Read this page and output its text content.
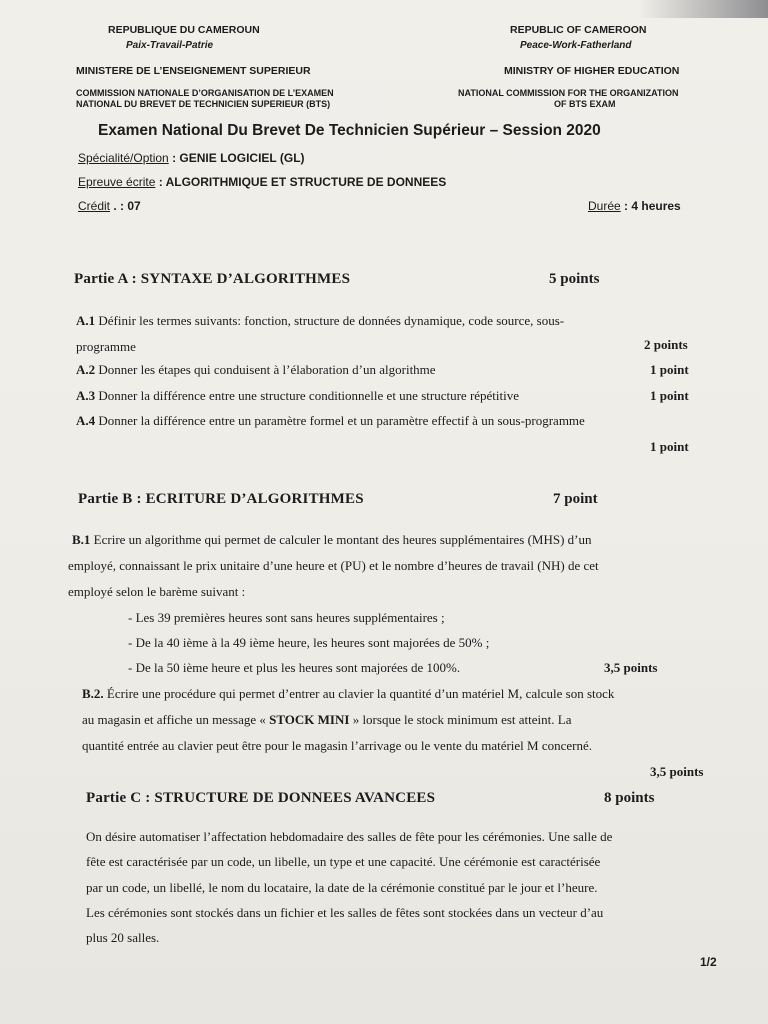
REPUBLIQUE DU CAMEROUN
Paix-Travail-Patrie
MINISTERE DE L’ENSEIGNEMENT SUPERIEUR
COMMISSION NATIONALE D’ORGANISATION DE L’EXAMEN
NATIONAL DU BREVET DE TECHNICIEN SUPERIEUR (BTS)
REPUBLIC OF CAMEROON
Peace-Work-Fatherland
MINISTRY OF HIGHER EDUCATION
NATIONAL COMMISSION FOR THE ORGANIZATION
OF BTS EXAM
Examen National Du Brevet De Technicien Supérieur – Session 2020
Spécialité/Option : GENIE LOGICIEL (GL)
Epreuve écrite : ALGORITHMIQUE ET STRUCTURE DE DONNEES
Crédit . : 07	Durée : 4 heures
Partie A : SYNTAXE D’ALGORITHMES	5 points
A.1 Définir les termes suivants: fonction, structure de données dynamique, code source, sous-
programme	2 points
A.2 Donner les étapes qui conduisent à l’élaboration d’un algorithme	1 point
A.3 Donner la différence entre une structure conditionnelle et une structure répétitive	1 point
A.4 Donner la différence entre un paramètre formel et un paramètre effectif à un sous-programme
1 point
Partie B : ECRITURE D’ALGORITHMES	7 point
B.1 Ecrire un algorithme qui permet de calculer le montant des heures supplémentaires (MHS) d’un
employé, connaissant le prix unitaire d’une heure et (PU) et le nombre d’heures de travail (NH) de cet
employé selon le barème suivant :
- Les 39 premières heures sont sans heures supplémentaires ;
- De la 40 ième à la 49 ième heure, les heures sont majorées de 50% ;
- De la 50 ième heure et plus les heures sont majorées de 100%.	3,5 points
B.2. Écrire une procédure qui permet d’entrer au clavier la quantité d’un matériel M, calcule son stock
au magasin et affiche un message « STOCK MINI » lorsque le stock minimum est atteint. La
quantité entrée au clavier peut être pour le magasin l’arrivage ou le vente du matériel M concerné.
3,5 points
Partie C : STRUCTURE DE DONNEES AVANCEES	8 points
On désire automatiser l’affectation hebdomadaire des salles de fête pour les cérémonies. Une salle de
fête est caractérisée par un code, un libelle, un type et une capacité. Une cérémonie est caractérisée
par un code, un libellé, le nom du locataire, la date de la cérémonie constitué par le jour et l’heure.
Les cérémonies sont stockés dans un fichier et les salles de fêtes sont stockées dans un vecteur d’au
plus 20 salles.
1/2
